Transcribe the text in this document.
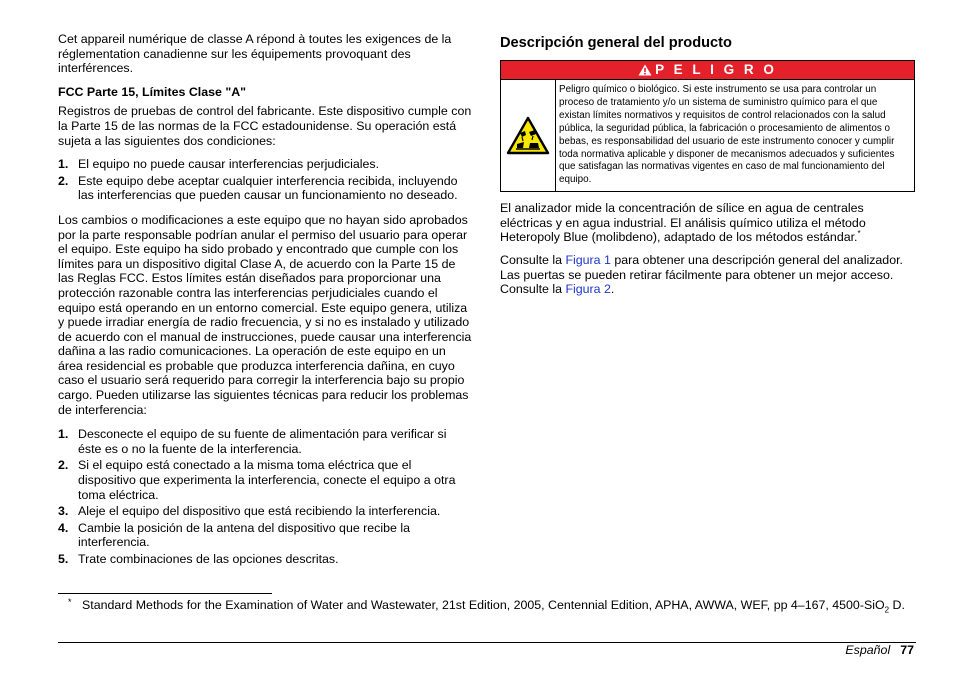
Cet appareil numérique de classe A répond à toutes les exigences de la réglementation canadienne sur les équipements provoquant des interférences.

FCC Parte 15, Límites Clase "A"

Registros de pruebas de control del fabricante. Este dispositivo cumple con la Parte 15 de las normas de la FCC estadounidense. Su operación está sujeta a las siguientes dos condiciones:

1. El equipo no puede causar interferencias perjudiciales.
2. Este equipo debe aceptar cualquier interferencia recibida, incluyendo las interferencias que pueden causar un funcionamiento no deseado.

Los cambios o modificaciones a este equipo que no hayan sido aprobados por la parte responsable podrían anular el permiso del usuario para operar el equipo. Este equipo ha sido probado y encontrado que cumple con los límites para un dispositivo digital Clase A, de acuerdo con la Parte 15 de las Reglas FCC. Estos límites están diseñados para proporcionar una protección razonable contra las interferencias perjudiciales cuando el equipo está operando en un entorno comercial. Este equipo genera, utiliza y puede irradiar energía de radio frecuencia, y si no es instalado y utilizado de acuerdo con el manual de instrucciones, puede causar una interferencia dañina a las radio comunicaciones. La operación de este equipo en un área residencial es probable que produzca interferencia dañina, en cuyo caso el usuario será requerido para corregir la interferencia bajo su propio cargo. Pueden utilizarse las siguientes técnicas para reducir los problemas de interferencia:

1. Desconecte el equipo de su fuente de alimentación para verificar si éste es o no la fuente de la interferencia.
2. Si el equipo está conectado a la misma toma eléctrica que el dispositivo que experimenta la interferencia, conecte el equipo a otra toma eléctrica.
3. Aleje el equipo del dispositivo que está recibiendo la interferencia.
4. Cambie la posición de la antena del dispositivo que recibe la interferencia.
5. Trate combinaciones de las opciones descritas.
Descripción general del producto
P E L I G R O
Peligro químico o biológico. Si este instrumento se usa para controlar un proceso de tratamiento y/o un sistema de suministro químico para el que existan límites normativos y requisitos de control relacionados con la salud pública, la seguridad pública, la fabricación o procesamiento de alimentos o bebas, es responsabilidad del usuario de este instrumento conocer y cumplir toda normativa aplicable y disponer de mecanismos adecuados y suficientes que satisfagan las normativas vigentes en caso de mal funcionamiento del equipo.

El analizador mide la concentración de sílice en agua de centrales eléctricas y en agua industrial. El análisis químico utiliza el método Heteropoly Blue (molibdeno), adaptado de los métodos estándar.*

Consulte la Figura 1 para obtener una descripción general del analizador. Las puertas se pueden retirar fácilmente para obtener un mejor acceso. Consulte la Figura 2.

* Standard Methods for the Examination of Water and Wastewater, 21st Edition, 2005, Centennial Edition, APHA, AWWA, WEF, pp 4–167, 4500-SiO$_2$ D.
Español 77
